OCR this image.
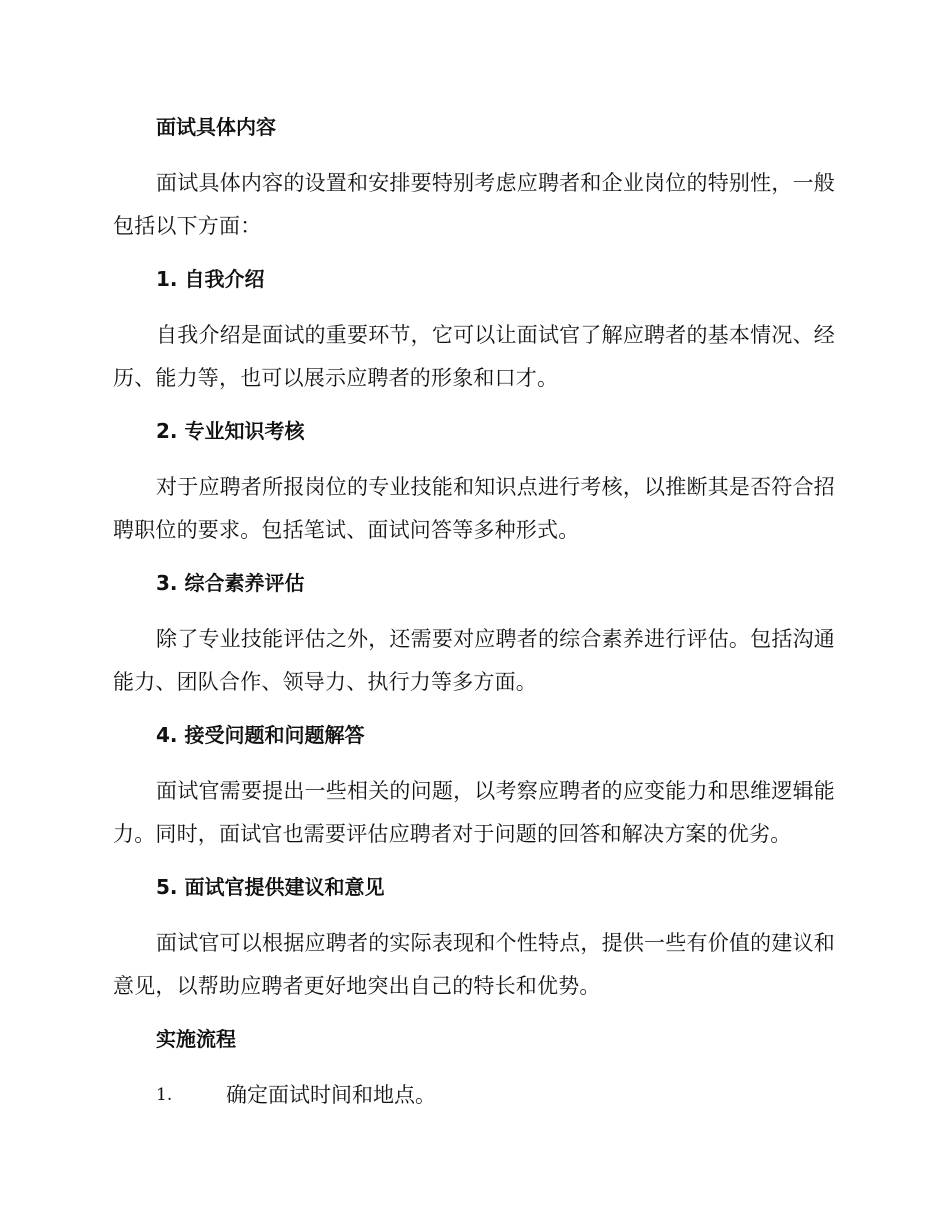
面试具体内容
面试具体内容的设置和安排要特别考虑应聘者和企业岗位的特别性，一般包括以下方面：
1. 自我介绍
自我介绍是面试的重要环节，它可以让面试官了解应聘者的基本情况、经历、能力等，也可以展示应聘者的形象和口才。
2. 专业知识考核
对于应聘者所报岗位的专业技能和知识点进行考核，以推断其是否符合招聘职位的要求。包括笔试、面试问答等多种形式。
3. 综合素养评估
除了专业技能评估之外，还需要对应聘者的综合素养进行评估。包括沟通能力、团队合作、领导力、执行力等多方面。
4. 接受问题和问题解答
面试官需要提出一些相关的问题，以考察应聘者的应变能力和思维逻辑能力。同时，面试官也需要评估应聘者对于问题的回答和解决方案的优劣。
5. 面试官提供建议和意见
面试官可以根据应聘者的实际表现和个性特点，提供一些有价值的建议和意见，以帮助应聘者更好地突出自己的特长和优势。
实施流程
1.	确定面试时间和地点。
